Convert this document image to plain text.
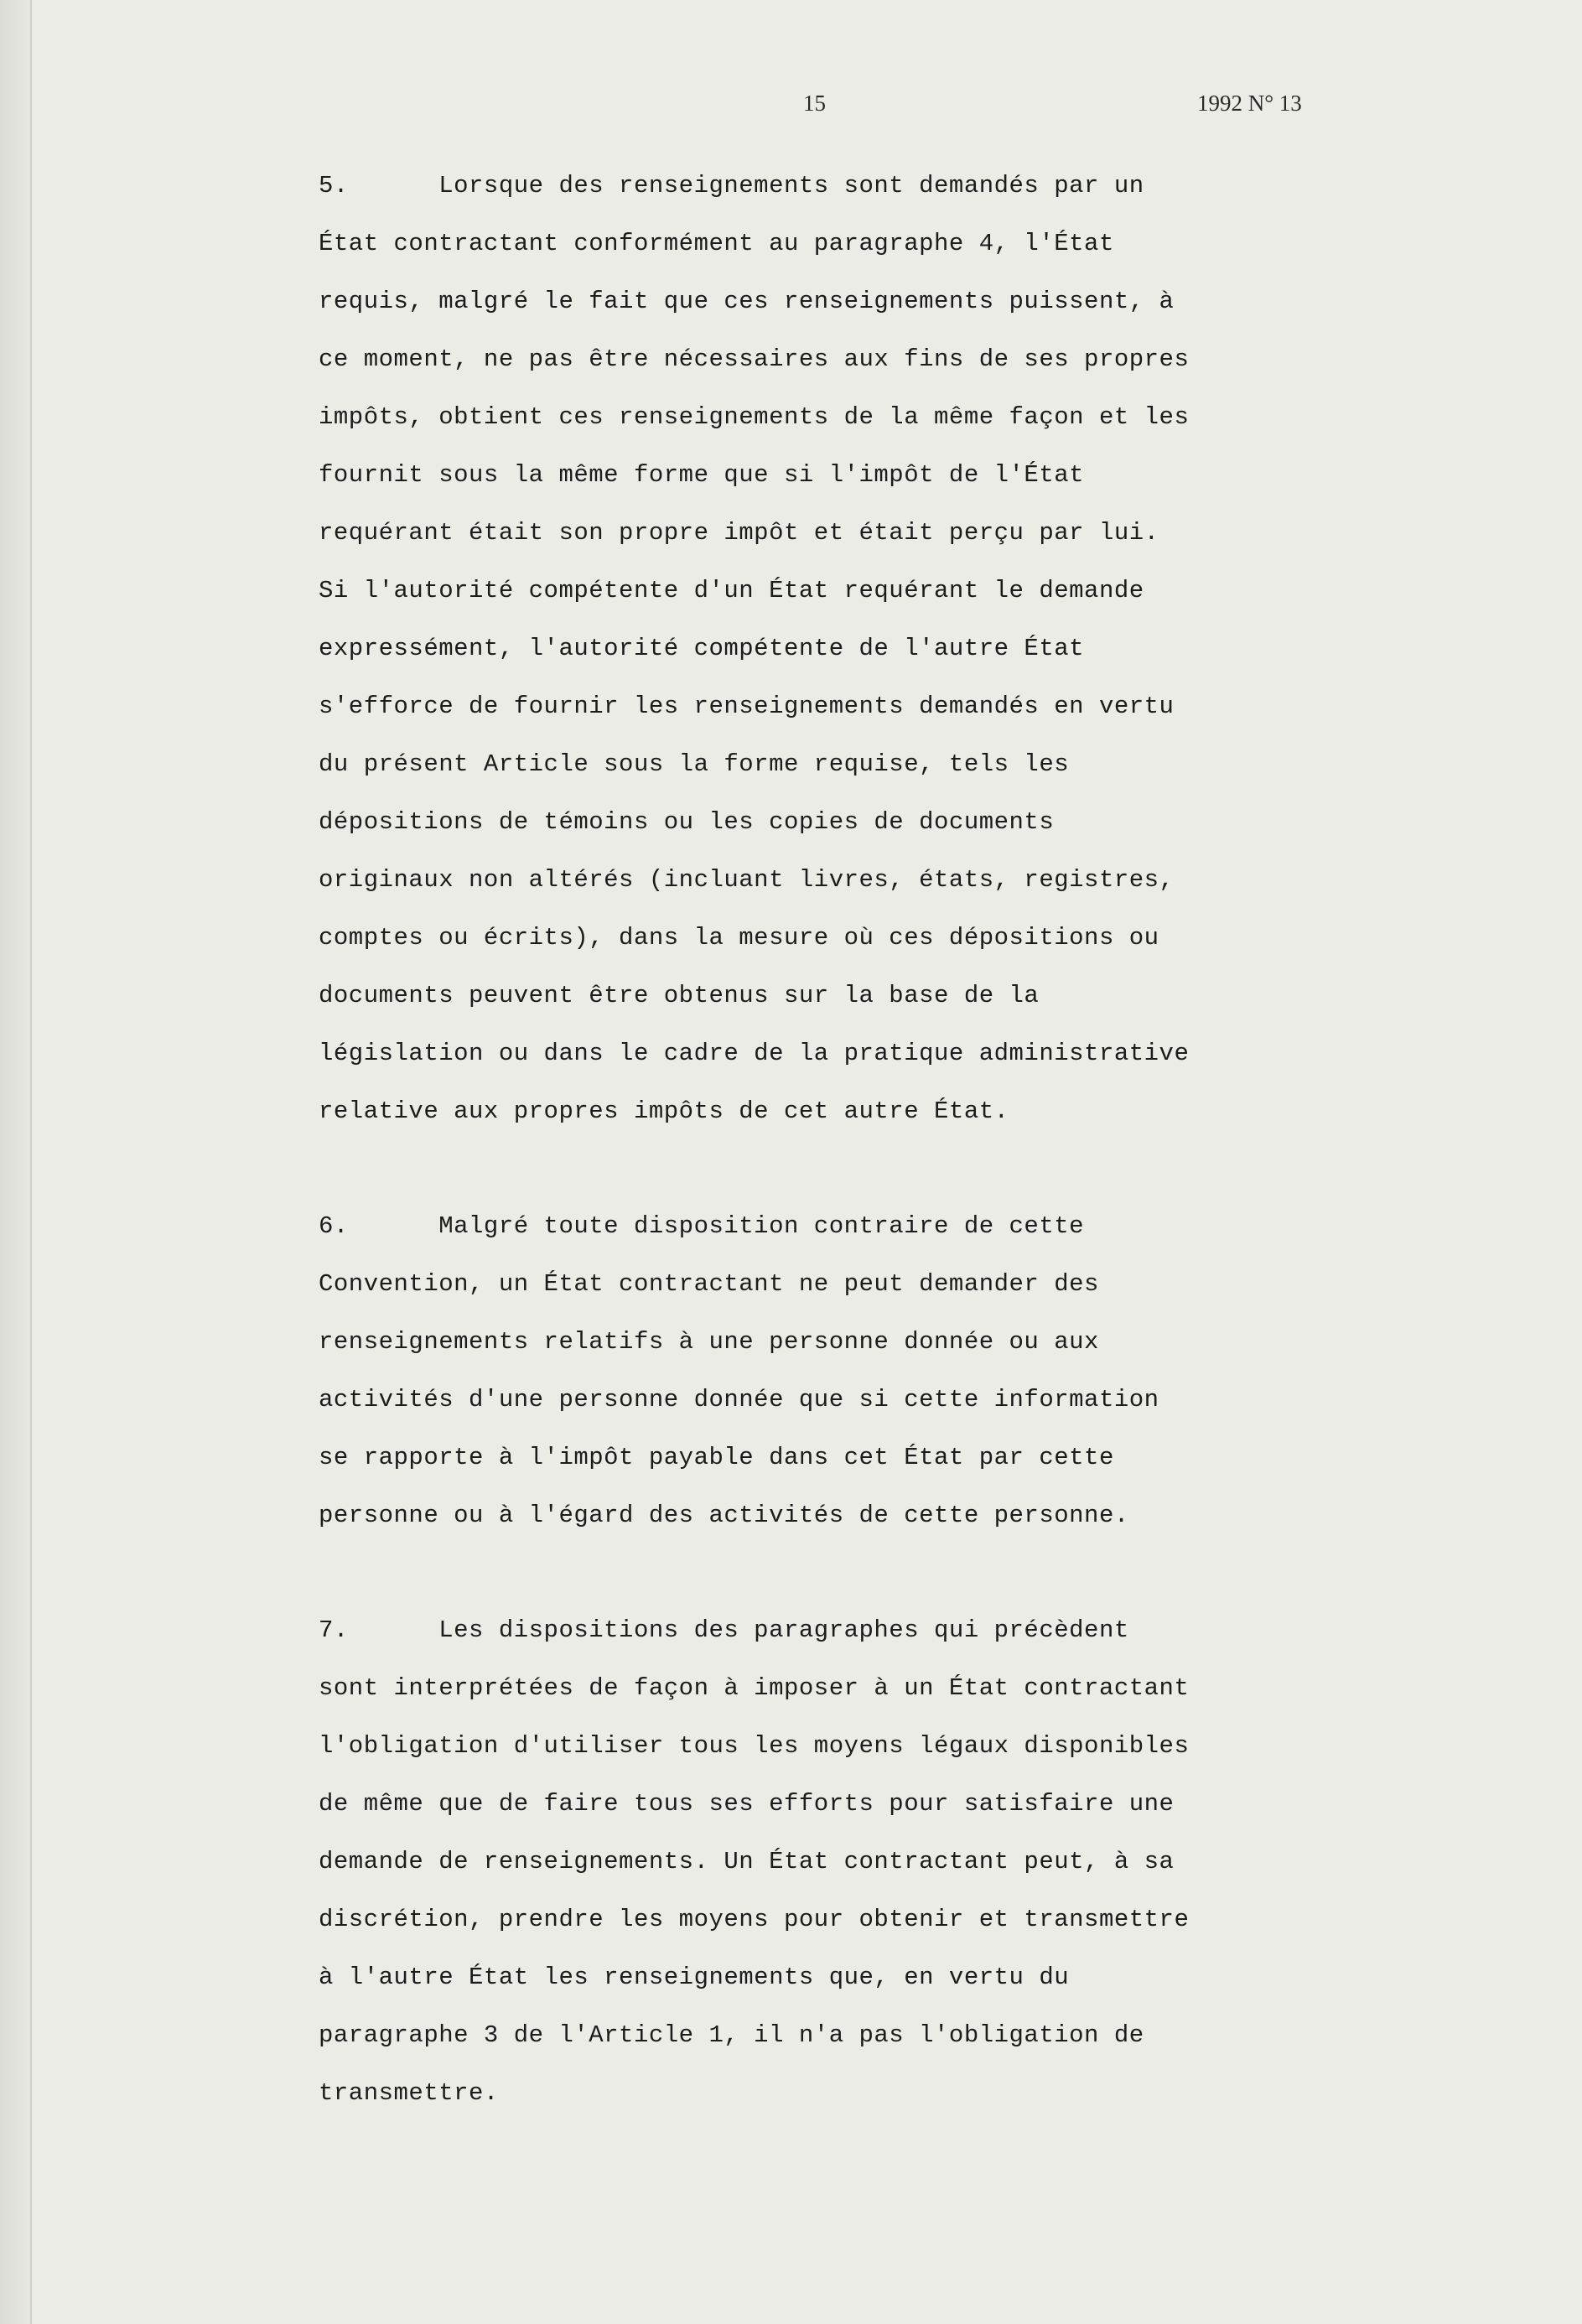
15	1992 N° 13
5.      Lorsque des renseignements sont demandés par un
État contractant conformément au paragraphe 4, l'État
requis, malgré le fait que ces renseignements puissent, à
ce moment, ne pas être nécessaires aux fins de ses propres
impôts, obtient ces renseignements de la même façon et les
fournit sous la même forme que si l'impôt de l'État
requérant était son propre impôt et était perçu par lui.
Si l'autorité compétente d'un État requérant le demande
expressément, l'autorité compétente de l'autre État
s'efforce de fournir les renseignements demandés en vertu
du présent Article sous la forme requise, tels les
dépositions de témoins ou les copies de documents
originaux non altérés (incluant livres, états, registres,
comptes ou écrits), dans la mesure où ces dépositions ou
documents peuvent être obtenus sur la base de la
législation ou dans le cadre de la pratique administrative
relative aux propres impôts de cet autre État.
6.      Malgré toute disposition contraire de cette
Convention, un État contractant ne peut demander des
renseignements relatifs à une personne donnée ou aux
activités d'une personne donnée que si cette information
se rapporte à l'impôt payable dans cet État par cette
personne ou à l'égard des activités de cette personne.
7.      Les dispositions des paragraphes qui précèdent
sont interprétées de façon à imposer à un État contractant
l'obligation d'utiliser tous les moyens légaux disponibles
de même que de faire tous ses efforts pour satisfaire une
demande de renseignements. Un État contractant peut, à sa
discrétion, prendre les moyens pour obtenir et transmettre
à l'autre État les renseignements que, en vertu du
paragraphe 3 de l'Article 1, il n'a pas l'obligation de
transmettre.
